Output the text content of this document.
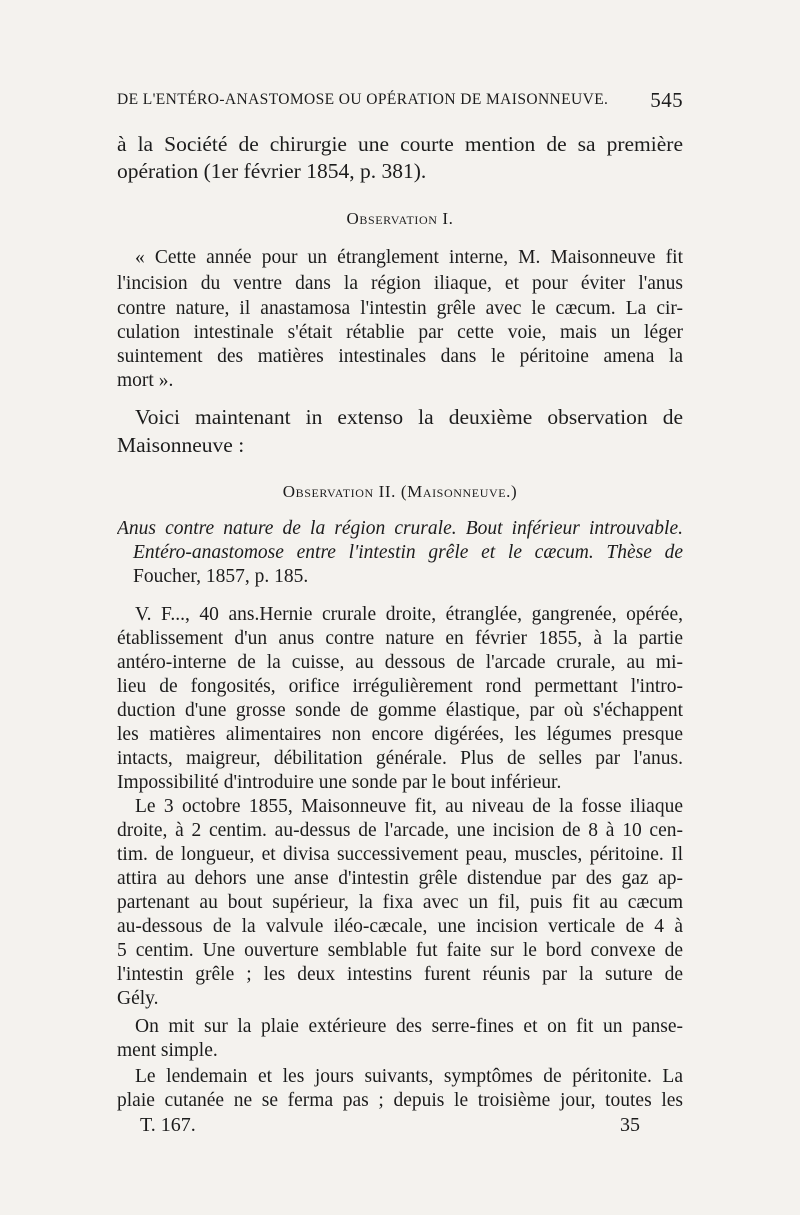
DE L'ENTÉRO-ANASTOMOSE OU OPÉRATION DE MAISONNEUVE. 545
à la Société de chirurgie une courte mention de sa première
opération (1er février 1854, p. 381).
Observation I.
« Cette année pour un étranglement interne, M. Maisonneuve fit
l'incision du ventre dans la région iliaque, et pour éviter l'anus
contre nature, il anastamosa l'intestin grêle avec le cæcum. La cir-
culation intestinale s'était rétablie par cette voie, mais un léger
suintement des matières intestinales dans le péritoine amena la
mort ».
Voici maintenant in extenso la deuxième observation de
Maisonneuve :
Observation II. (Maisonneuve.)
Anus contre nature de la région crurale. Bout inférieur introuvable.
Entéro-anastomose entre l'intestin grêle et le cæcum. Thèse de
Foucher, 1857, p. 185.
V. F..., 40 ans.Hernie crurale droite, étranglée, gangrenée, opérée,
établissement d'un anus contre nature en février 1855, à la partie
antéro-interne de la cuisse, au dessous de l'arcade crurale, au mi-
lieu de fongosités, orifice irrégulièrement rond permettant l'intro-
duction d'une grosse sonde de gomme élastique, par où s'échappent
les matières alimentaires non encore digérées, les légumes presque
intacts, maigreur, débilitation générale. Plus de selles par l'anus.
Impossibilité d'introduire une sonde par le bout inférieur.
Le 3 octobre 1855, Maisonneuve fit, au niveau de la fosse iliaque
droite, à 2 centim. au-dessus de l'arcade, une incision de 8 à 10 cen-
tim. de longueur, et divisa successivement peau, muscles, péritoine. Il
attira au dehors une anse d'intestin grêle distendue par des gaz ap-
partenant au bout supérieur, la fixa avec un fil, puis fit au cæcum
au-dessous de la valvule iléo-cæcale, une incision verticale de 4 à
5 centim. Une ouverture semblable fut faite sur le bord convexe de
l'intestin grêle ; les deux intestins furent réunis par la suture de
Gély.
On mit sur la plaie extérieure des serre-fines et on fit un panse-
ment simple.
Le lendemain et les jours suivants, symptômes de péritonite. La
plaie cutanée ne se ferma pas ; depuis le troisième jour, toutes les
T. 167.	35
